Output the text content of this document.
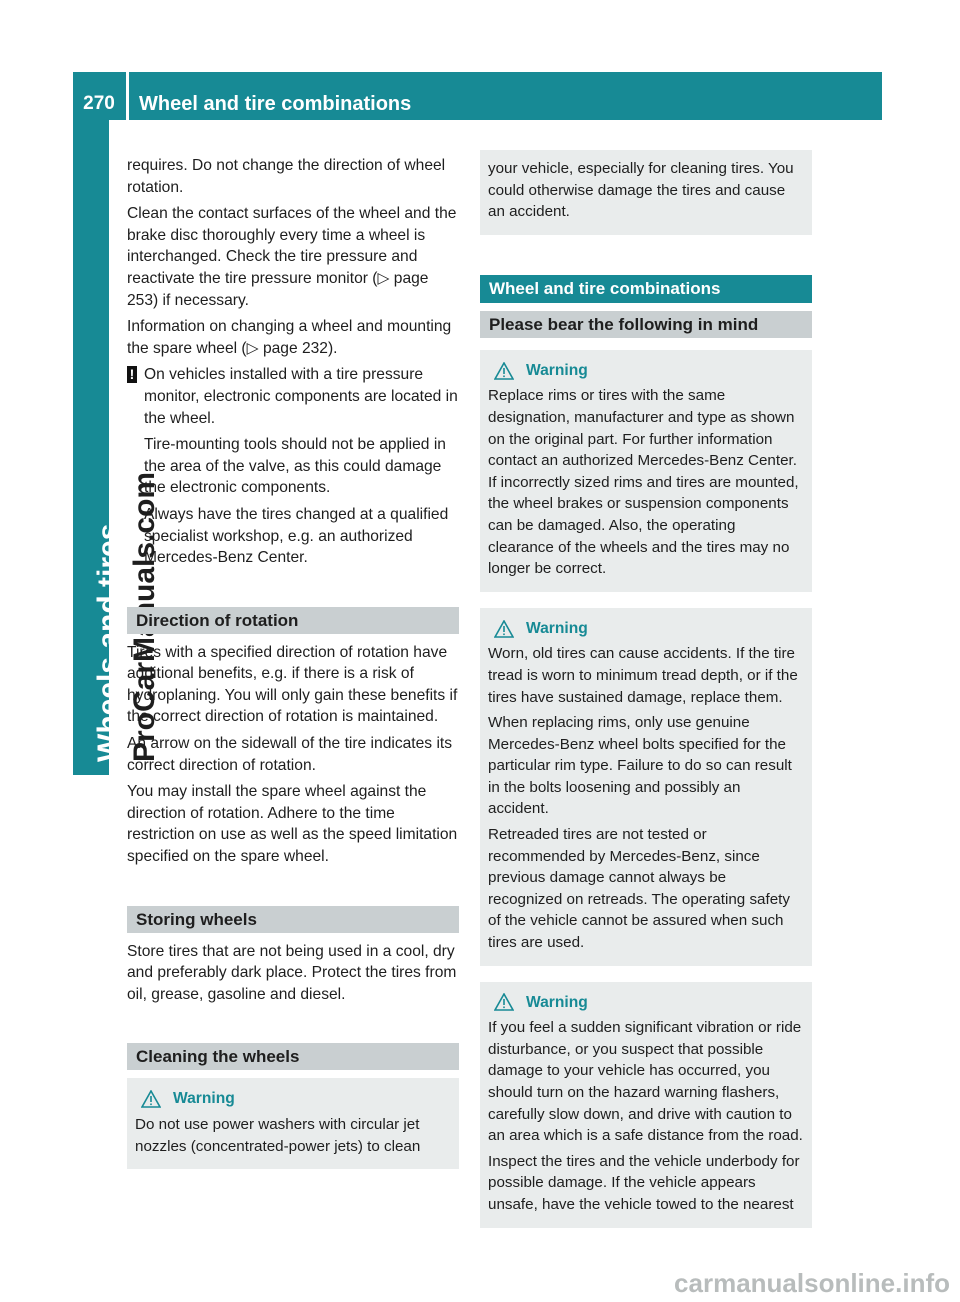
270	Wheel and tire combinations
Wheels and tires

requires. Do not change the direction of wheel rotation.

Clean the contact surfaces of the wheel and the brake disc thoroughly every time a wheel is interchanged. Check the tire pressure and reactivate the tire pressure monitor (▷ page 253) if necessary.

Information on changing a wheel and mounting the spare wheel (▷ page 232).

! On vehicles installed with a tire pressure monitor, electronic components are located in the wheel.

Tire-mounting tools should not be applied in the area of the valve, as this could damage the electronic components.

Always have the tires changed at a qualified specialist workshop, e.g. an authorized Mercedes-Benz Center.

Direction of rotation

Tires with a specified direction of rotation have additional benefits, e.g. if there is a risk of hydroplaning. You will only gain these benefits if the correct direction of rotation is maintained.

An arrow on the sidewall of the tire indicates its correct direction of rotation.

You may install the spare wheel against the direction of rotation. Adhere to the time restriction on use as well as the speed limitation specified on the spare wheel.

Storing wheels

Store tires that are not being used in a cool, dry and preferably dark place. Protect the tires from oil, grease, gasoline and diesel.

Cleaning the wheels
Warning

Do not use power washers with circular jet nozzles (concentrated-power jets) to clean

your vehicle, especially for cleaning tires. You could otherwise damage the tires and cause an accident.

Wheel and tire combinations
Please bear the following in mind
Warning

Replace rims or tires with the same designation, manufacturer and type as shown on the original part. For further information contact an authorized Mercedes-Benz Center. If incorrectly sized rims and tires are mounted, the wheel brakes or suspension components can be damaged. Also, the operating clearance of the wheels and the tires may no longer be correct.

Warning

Worn, old tires can cause accidents. If the tire tread is worn to minimum tread depth, or if the tires have sustained damage, replace them.

When replacing rims, only use genuine Mercedes-Benz wheel bolts specified for the particular rim type. Failure to do so can result in the bolts loosening and possibly an accident.

Retreaded tires are not tested or recommended by Mercedes-Benz, since previous damage cannot always be recognized on retreads. The operating safety of the vehicle cannot be assured when such tires are used.

Warning

If you feel a sudden significant vibration or ride disturbance, or you suspect that possible damage to your vehicle has occurred, you should turn on the hazard warning flashers, carefully slow down, and drive with caution to an area which is a safe distance from the road.

Inspect the tires and the vehicle underbody for possible damage. If the vehicle appears unsafe, have the vehicle towed to the nearest

carmanualsonline.info
